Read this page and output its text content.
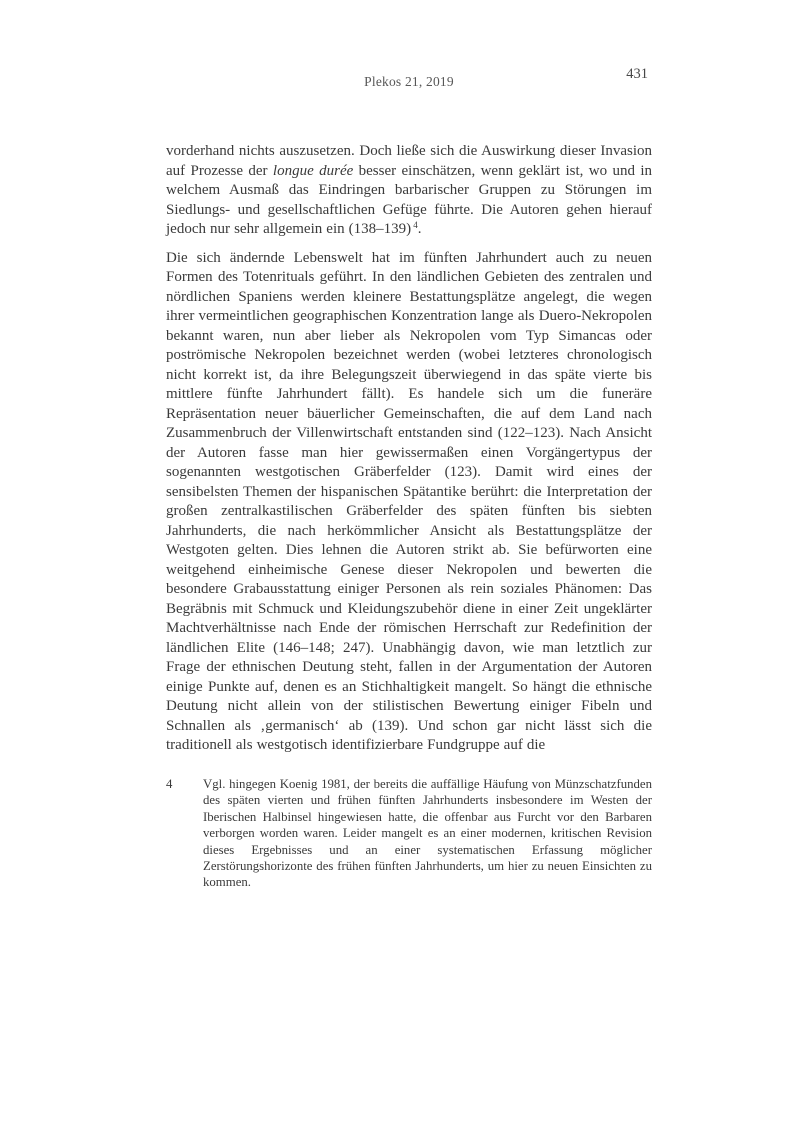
Plekos 21, 2019	431

vorderhand nichts auszusetzen. Doch ließe sich die Auswirkung dieser Invasion auf Prozesse der longue durée besser einschätzen, wenn geklärt ist, wo und in welchem Ausmaß das Eindringen barbarischer Gruppen zu Störungen im Siedlungs- und gesellschaftlichen Gefüge führte. Die Autoren gehen hierauf jedoch nur sehr allgemein ein (138–139) $^4$.

Die sich ändernde Lebenswelt hat im fünften Jahrhundert auch zu neuen Formen des Totenrituals geführt. In den ländlichen Gebieten des zentralen und nördlichen Spaniens werden kleinere Bestattungsplätze angelegt, die wegen ihrer vermeintlichen geographischen Konzentration lange als Duero-Nekropolen bekannt waren, nun aber lieber als Nekropolen vom Typ Simancas oder poströmische Nekropolen bezeichnet werden (wobei letzteres chronologisch nicht korrekt ist, da ihre Belegungszeit überwiegend in das späte vierte bis mittlere fünfte Jahrhundert fällt). Es handele sich um die funeräre Repräsentation neuer bäuerlicher Gemeinschaften, die auf dem Land nach Zusammenbruch der Villenwirtschaft entstanden sind (122–123). Nach Ansicht der Autoren fasse man hier gewissermaßen einen Vorgängertypus der sogenannten westgotischen Gräberfelder (123). Damit wird eines der sensibelsten Themen der hispanischen Spätantike berührt: die Interpretation der großen zentralkastilischen Gräberfelder des späten fünften bis siebten Jahrhunderts, die nach herkömmlicher Ansicht als Bestattungsplätze der Westgoten gelten. Dies lehnen die Autoren strikt ab. Sie befürworten eine weitgehend einheimische Genese dieser Nekropolen und bewerten die besondere Grabausstattung einiger Personen als rein soziales Phänomen: Das Begräbnis mit Schmuck und Kleidungszubehör diene in einer Zeit ungeklärter Machtverhältnisse nach Ende der römischen Herrschaft zur Redefinition der ländlichen Elite (146–148; 247). Unabhängig davon, wie man letztlich zur Frage der ethnischen Deutung steht, fallen in der Argumentation der Autoren einige Punkte auf, denen es an Stichhaltigkeit mangelt. So hängt die ethnische Deutung nicht allein von der stilistischen Bewertung einiger Fibeln und Schnallen als ‚germanisch‘ ab (139). Und schon gar nicht lässt sich die traditionell als westgotisch identifizierbare Fundgruppe auf die

4	Vgl. hingegen Koenig 1981, der bereits die auffällige Häufung von Münzschatzfunden des späten vierten und frühen fünften Jahrhunderts insbesondere im Westen der Iberischen Halbinsel hingewiesen hatte, die offenbar aus Furcht vor den Barbaren verborgen worden waren. Leider mangelt es an einer modernen, kritischen Revision dieses Ergebnisses und an einer systematischen Erfassung möglicher Zerstörungshorizonte des frühen fünften Jahrhunderts, um hier zu neuen Einsichten zu kommen.
